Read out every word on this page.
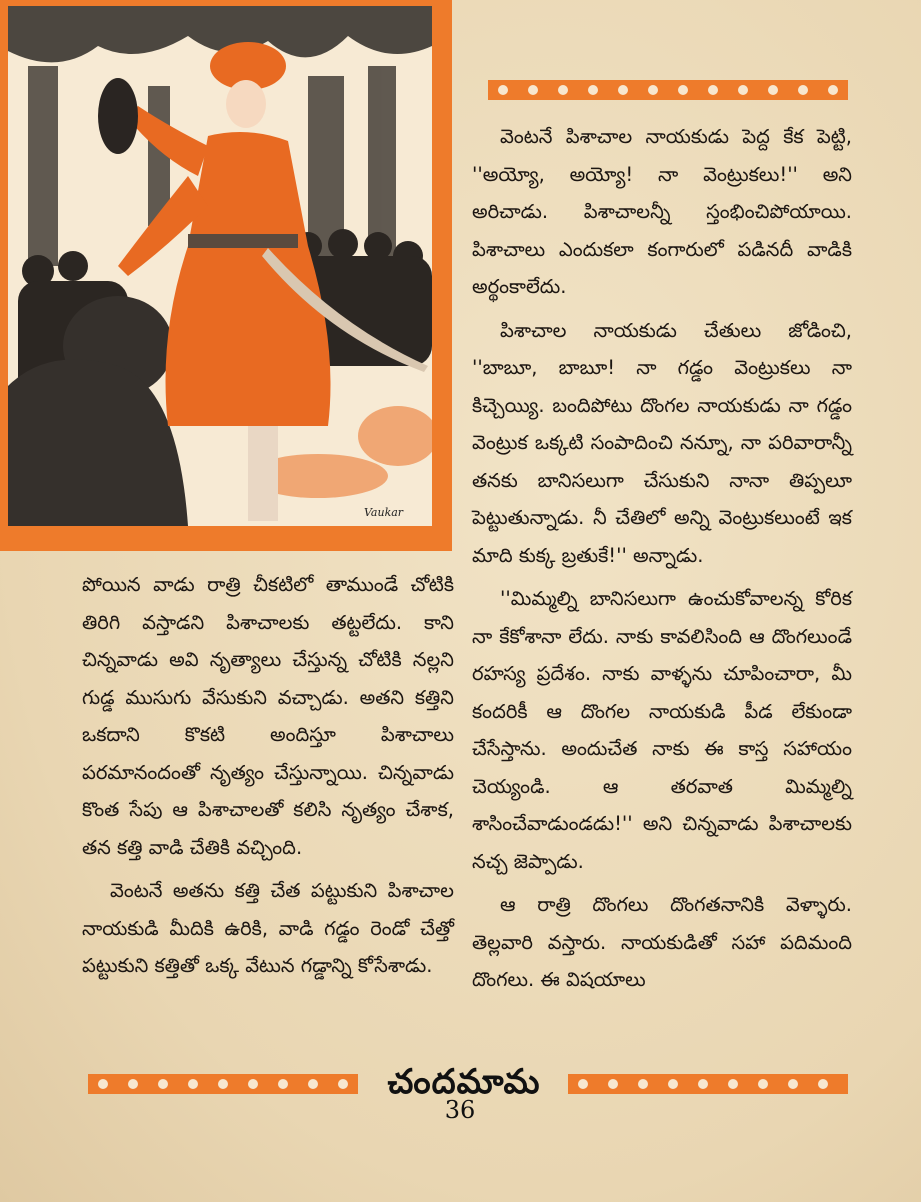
Vaukar

వెంటనే పిశాచాల నాయకుడు పెద్ద కేక పెట్టి, ''అయ్యో, అయ్యో! నా వెంట్రుకలు!'' అని అరిచాడు. పిశాచాలన్నీ స్తంభించిపోయాయి. పిశాచాలు ఎందుకలా కంగారులో పడినదీ వాడికి అర్థంకాలేదు.

పిశాచాల నాయకుడు చేతులు జోడించి, ''బాబూ, బాబూ! నా గడ్డం వెంట్రుకలు నా కిచ్చెయ్యి. బందిపోటు దొంగల నాయకుడు నా గడ్డం వెంట్రుక ఒక్కటి సంపాదించి నన్నూ, నా పరివారాన్నీ తనకు బానిసలుగా చేసుకుని నానా తిప్పలూ పెట్టుతున్నాడు. నీ చేతిలో అన్ని వెంట్రుకలుంటే ఇక మాది కుక్క బ్రతుకే!'' అన్నాడు.

''మిమ్మల్ని బానిసలుగా ఉంచుకోవాలన్న కోరిక నా కేకోశానా లేదు. నాకు కావలిసింది ఆ దొంగలుండే రహస్య ప్రదేశం. నాకు వాళ్ళను చూపించారా, మీ కందరికీ ఆ దొంగల నాయకుడి పీడ లేకుండా చేసేస్తాను. అందుచేత నాకు ఈ కాస్త సహాయం చెయ్యండి. ఆ తరవాత మిమ్మల్ని శాసించేవాడుండడు!'' అని చిన్నవాడు పిశాచాలకు నచ్చ జెప్పాడు.

ఆ రాత్రి దొంగలు దొంగతనానికి వెళ్ళారు. తెల్లవారి వస్తారు. నాయకుడితో సహా పదిమంది దొంగలు. ఈ విషయాలు

పోయిన వాడు రాత్రి చీకటిలో తాముండే చోటికి తిరిగి వస్తాడని పిశాచాలకు తట్టలేదు. కాని చిన్నవాడు అవి నృత్యాలు చేస్తున్న చోటికి నల్లని గుడ్డ ముసుగు వేసుకుని వచ్చాడు. అతని కత్తిని ఒకదాని కొకటి అందిస్తూ పిశాచాలు పరమానందంతో నృత్యం చేస్తున్నాయి. చిన్నవాడు కొంత సేపు ఆ పిశాచాలతో కలిసి నృత్యం చేశాక, తన కత్తి వాడి చేతికి వచ్చింది.

వెంటనే అతను కత్తి చేత పట్టుకుని పిశాచాల నాయకుడి మీదికి ఉరికి, వాడి గడ్డం రెండో చేత్తో పట్టుకుని కత్తితో ఒక్క వేటున గడ్డాన్ని కోసేశాడు.

చందమామ
36
